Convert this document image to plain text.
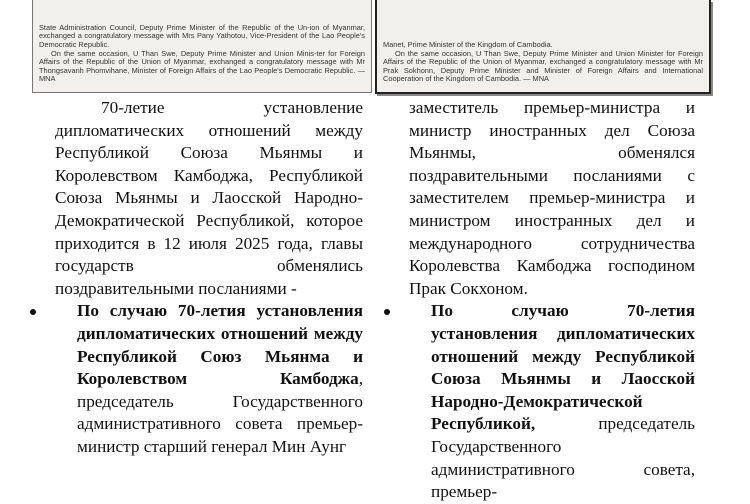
State Administration Council, Deputy Prime Minister of the Republic of the Un-ion of Myanmar, exchanged a congratulatory message with Mrs Pany Yathotou, Vice-President of the Lao People's Democratic Republic.

On the same occasion, U Than Swe, Deputy Prime Minister and Union Minis-ter for Foreign Affairs of the Republic of the Union of Myanmar, exchanged a congratulatory message with Mr Thongsavanh Phomvihane, Minister of Foreign Affairs of the Lao People's Democratic Republic. — MNA

Manet, Prime Minister of the Kingdom of Cambodia.

On the same occasion, U Than Swe, Deputy Prime Minister and Union Minister for Foreign Affairs of the Republic of the Union of Myanmar, exchanged a congratulatory message with Mr Prak Sokhonn, Deputy Prime Minister and Minister of Foreign Affairs and International Cooperation of the Kingdom of Cambodia. — MNA

70-летие установление дипломатических отношений между Республикой Союза Мьянмы и Королевством Камбоджа, Республикой Союза Мьянмы и Лаосской Народно-Демократической Республикой, которое приходится в 12 июля 2025 года, главы государств обменялись поздравительными посланиями -

По случаю 70-летия установления дипломатических отношений между Республикой Союз Мьянма и Королевством Камбоджа, председатель Государственного административного совета премьер-министр старший генерал Мин Аунг

заместитель премьер-министра и министр иностранных дел Союза Мьянмы, обменялся поздравительными посланиями с заместителем премьер-министра и министром иностранных дел и международного сотрудничества Королевства Камбоджа господином Прак Сокхоном.

По случаю 70-летия установления дипломатических отношений между Республикой Союза Мьянмы и Лаосской Народно-Демократической Республикой, председатель Государственного административного совета, премьер-
